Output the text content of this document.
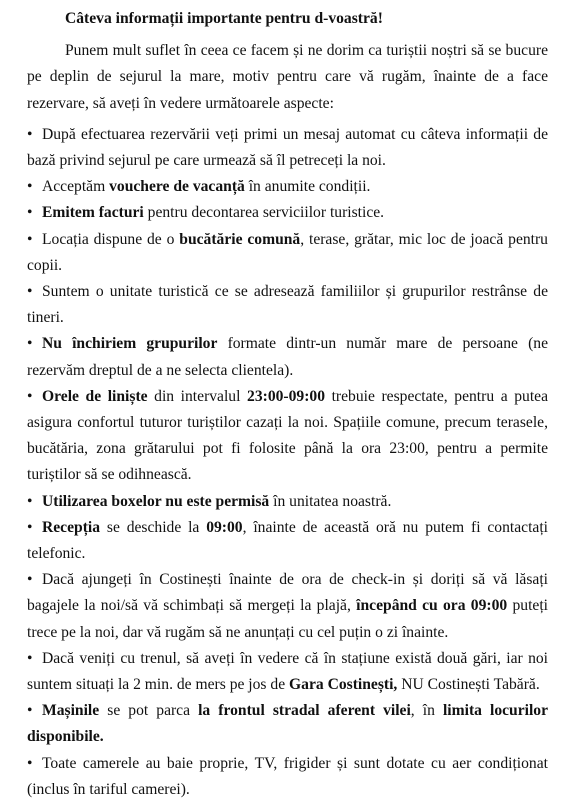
Câteva informații importante pentru d-voastră!

Punem mult suflet în ceea ce facem și ne dorim ca turiștii noștri să se bucure pe deplin de sejurul la mare, motiv pentru care vă rugăm, înainte de a face rezervare, să aveți în vedere următoarele aspecte:

• După efectuarea rezervării veți primi un mesaj automat cu câteva informații de bază privind sejurul pe care urmează să îl petreceți la noi.
• Acceptăm vouchere de vacanță în anumite condiții.
• Emitem facturi pentru decontarea serviciilor turistice.
• Locația dispune de o bucătărie comună, terase, grătar, mic loc de joacă pentru copii.
• Suntem o unitate turistică ce se adresează familiilor și grupurilor restrânse de tineri.
• Nu închiriem grupurilor formate dintr-un număr mare de persoane (ne rezervăm dreptul de a ne selecta clientela).
• Orele de liniște din intervalul 23:00-09:00 trebuie respectate, pentru a putea asigura confortul tuturor turiștilor cazați la noi. Spațiile comune, precum terasele, bucătăria, zona grătarului pot fi folosite până la ora 23:00, pentru a permite turiștilor să se odihnească.
• Utilizarea boxelor nu este permisă în unitatea noastră.
• Recepția se deschide la 09:00, înainte de această oră nu putem fi contactați telefonic.
• Dacă ajungeți în Costinești înainte de ora de check-in și doriți să vă lăsați bagajele la noi/să vă schimbați să mergeți la plajă, începând cu ora 09:00 puteți trece pe la noi, dar vă rugăm să ne anunțați cu cel puțin o zi înainte.
• Dacă veniți cu trenul, să aveți în vedere că în stațiune există două gări, iar noi suntem situați la 2 min. de mers pe jos de Gara Costinești, NU Costinești Tabără.
• Mașinile se pot parca la frontul stradal aferent vilei, în limita locurilor disponibile.
• Toate camerele au baie proprie, TV, frigider și sunt dotate cu aer condiționat (inclus în tariful camerei).
